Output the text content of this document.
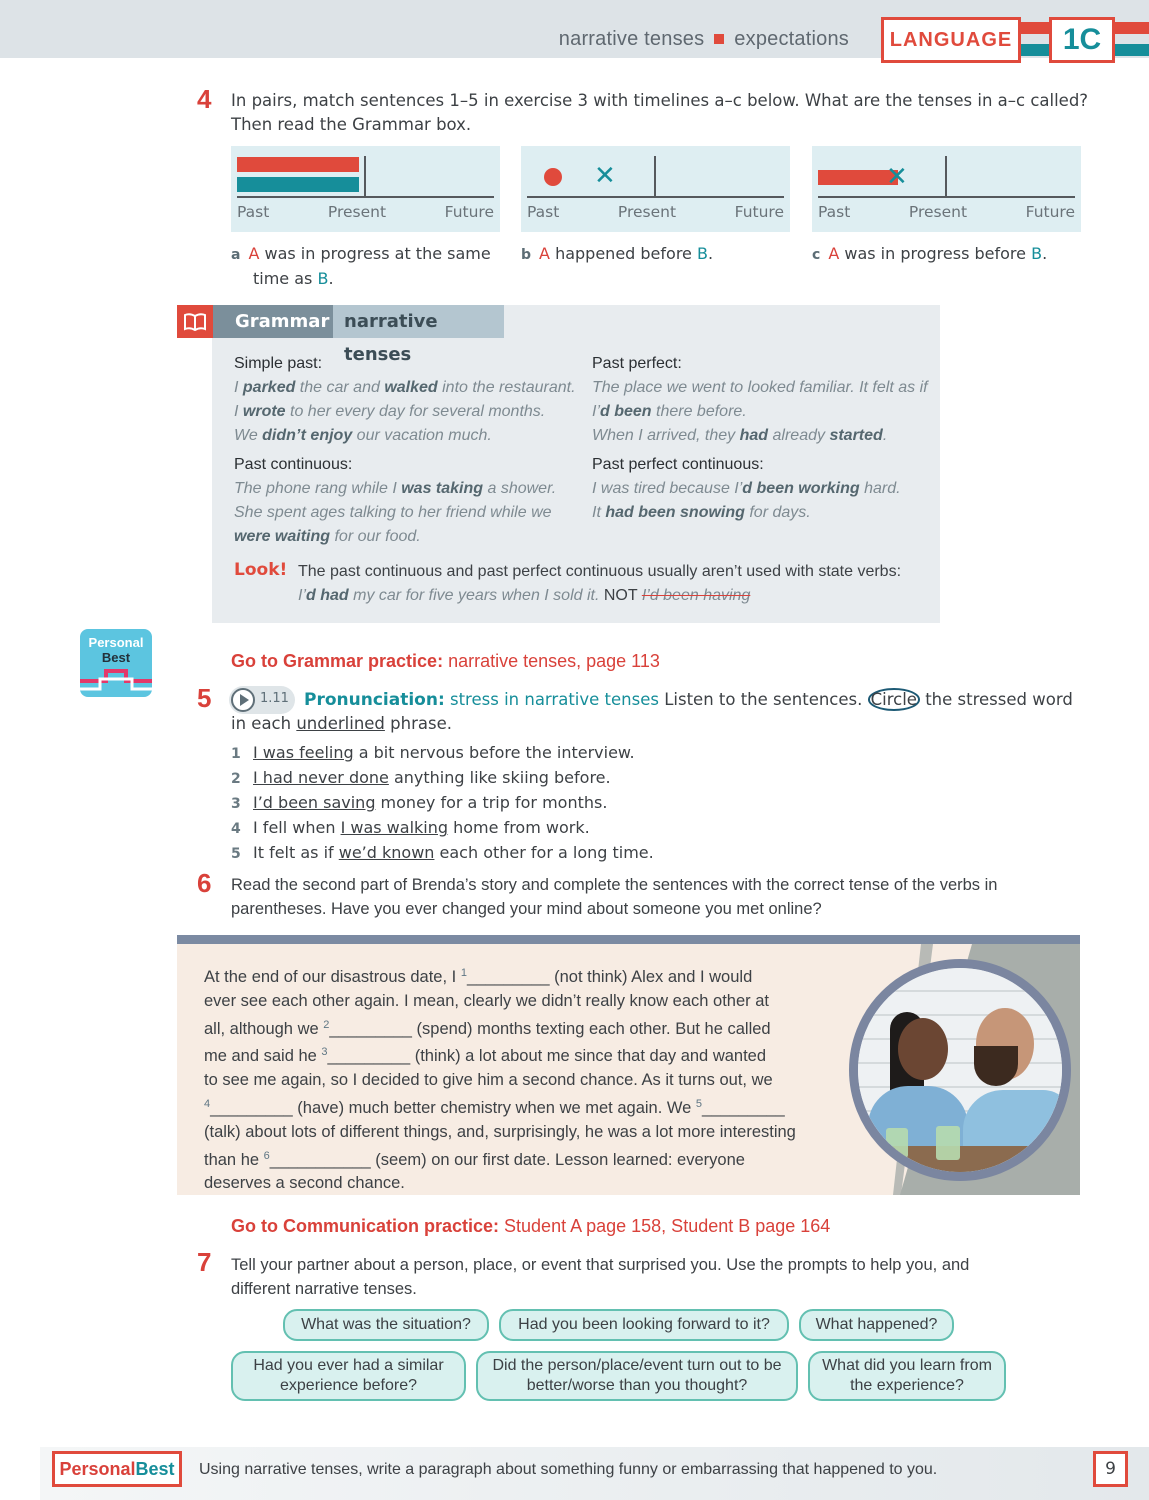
narrative tenses expectations	LANGUAGE	1C
4 In pairs, match sentences 1–5 in exercise 3 with timelines a–c below. What are the tenses in a–c called?
Then read the Grammar box.
Past	Present	Future
✕
Past	Present	Future
✕
Past	Present	Future
a A was in progress at the same
time as B.
b A happened before B.	c A was in progress before B.
Grammar narrative tenses
Simple past:
I parked the car and walked into the restaurant.
I wrote to her every day for several months.
We didn’t enjoy our vacation much.
Past continuous:
The phone rang while I was taking a shower.
She spent ages talking to her friend while we
were waiting for our food.
Past perfect:
The place we went to looked familiar. It felt as if
I’d been there before.
When I arrived, they had already started.
Past perfect continuous:
I was tired because I’d been working hard.
It had been snowing for days.
Look! The past continuous and past perfect continuous usually aren’t used with state verbs:
I’d had my car for five years when I sold it. NOT I’d been having
Personal
Best	Go to Grammar practice: narrative tenses, page 113
5	1.11 Pronunciation: stress in narrative tenses Listen to the sentences. Circle the stressed word
in each underlined phrase.
1 I was feeling a bit nervous before the interview.
2 I had never done anything like skiing before.
3 I’d been saving money for a trip for months.
4 I fell when I was walking home from work.
5 It felt as if we’d known each other for a long time.
6 Read the second part of Brenda’s story and complete the sentences with the correct tense of the verbs in
parentheses. Have you ever changed your mind about someone you met online?
At the end of our disastrous date, I $^1$_________ (not think) Alex and I would
ever see each other again. I mean, clearly we didn’t really know each other at
all, although we $^2$_________ (spend) months texting each other. But he called
me and said he $^3$_________ (think) a lot about me since that day and wanted
to see me again, so I decided to give him a second chance. As it turns out, we
$^4$_________ (have) much better chemistry when we met again. We $^5$_________
(talk) about lots of different things, and, surprisingly, he was a lot more interesting
than he $^6$___________ (seem) on our first date. Lesson learned: everyone
deserves a second chance.
Go to Communication practice: Student A page 158, Student B page 164
7 Tell your partner about a person, place, or event that surprised you. Use the prompts to help you, and
different narrative tenses.
What was the situation?	Had you been looking forward to it?	What happened?
Had you ever had a similar experience before?
Did the person/place/event turn out to be better/worse than you thought?
What did you learn from the experience?
Personal Best Using narrative tenses, write a paragraph about something funny or embarrassing that happened to you.	9
